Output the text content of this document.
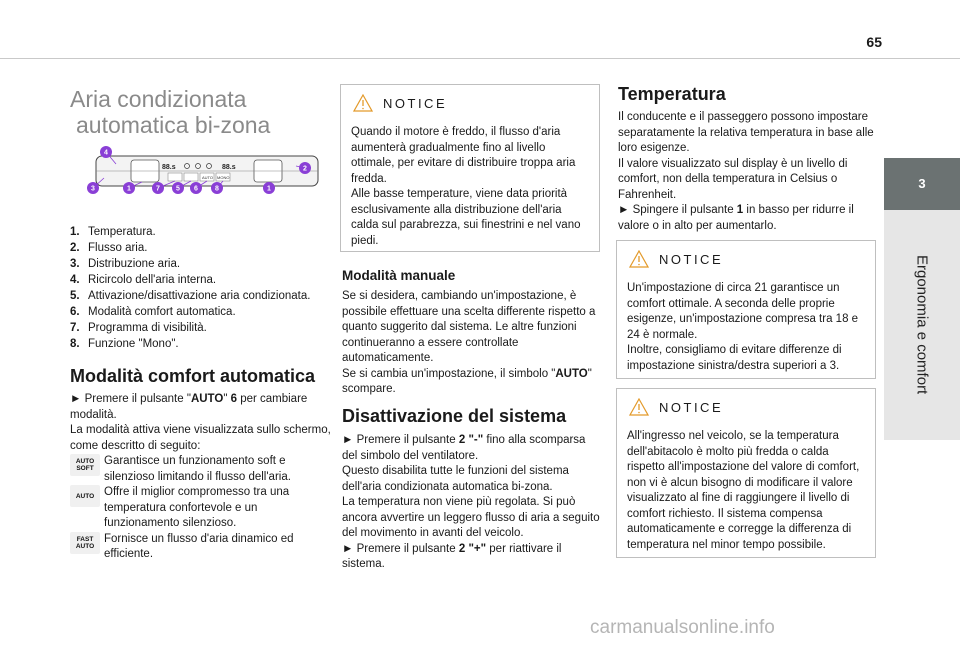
65
3
Ergonomia e comfort
Aria condizionata
automatica bi-zona
88.s	88.s
AUTO MONO
4
2
3	1	7 5 6 8	1
1. Temperatura.
2. Flusso aria.
3. Distribuzione aria.
4. Ricircolo dell'aria interna.
5. Attivazione/disattivazione aria condizionata.
6. Modalità comfort automatica.
7. Programma di visibilità.
8. Funzione "Mono".
Modalità comfort automatica
► Premere il pulsante "AUTO" 6 per cambiare modalità.
La modalità attiva viene visualizzata sullo schermo, come descritto di seguito:
AUTO
SOFT
Garantisce un funzionamento soft e silenzioso limitando il flusso dell'aria.
AUTO Offre il miglior compromesso tra una temperatura confortevole e un funzionamento silenzioso.
FAST
AUTO
Fornisce un flusso d'aria dinamico ed efficiente.
NOTICE
Quando il motore è freddo, il flusso d'aria aumenterà gradualmente fino al livello ottimale, per evitare di distribuire troppa aria fredda.
Alle basse temperature, viene data priorità esclusivamente alla distribuzione dell'aria calda sul parabrezza, sui finestrini e nel vano piedi.
Modalità manuale
Se si desidera, cambiando un'impostazione, è possibile effettuare una scelta differente rispetto a quanto suggerito dal sistema. Le altre funzioni continueranno a essere controllate automaticamente.
Se si cambia un'impostazione, il simbolo "AUTO" scompare.
Disattivazione del sistema
► Premere il pulsante 2 "-" fino alla scomparsa del simbolo del ventilatore.
Questo disabilita tutte le funzioni del sistema dell'aria condizionata automatica bi-zona.
La temperatura non viene più regolata. Si può ancora avvertire un leggero flusso di aria a seguito del movimento in avanti del veicolo.
► Premere il pulsante 2 "+" per riattivare il sistema.
Temperatura
Il conducente e il passeggero possono impostare separatamente la relativa temperatura in base alle loro esigenze.
Il valore visualizzato sul display è un livello di comfort, non della temperatura in Celsius o Fahrenheit.
► Spingere il pulsante 1 in basso per ridurre il valore o in alto per aumentarlo.
NOTICE
Un'impostazione di circa 21 garantisce un comfort ottimale. A seconda delle proprie esigenze, un'impostazione compresa tra 18 e 24 è normale.
Inoltre, consigliamo di evitare differenze di impostazione sinistra/destra superiori a 3.
NOTICE
All'ingresso nel veicolo, se la temperatura dell'abitacolo è molto più fredda o calda rispetto all'impostazione del valore di comfort, non vi è alcun bisogno di modificare il valore visualizzato al fine di raggiungere il livello di comfort richiesto. Il sistema compensa automaticamente e corregge la differenza di temperatura nel minor tempo possibile.
carmanualsonline.info
